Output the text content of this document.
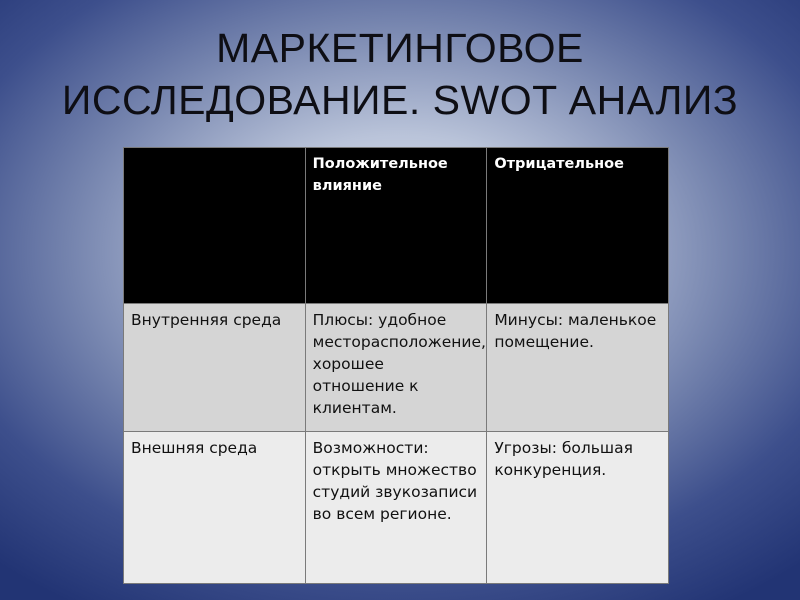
МАРКЕТИНГОВОЕ
ИССЛЕДОВАНИЕ. SWOT АНАЛИЗ
	Положительное влияние	Отрицательное
Внутренняя среда	Плюсы: удобное месторасположение, хорошее отношение к клиентам.	Минусы: маленькое помещение.
Внешняя среда	Возможности: открыть множество студий звукозаписи во всем регионе.	Угрозы: большая конкуренция.
